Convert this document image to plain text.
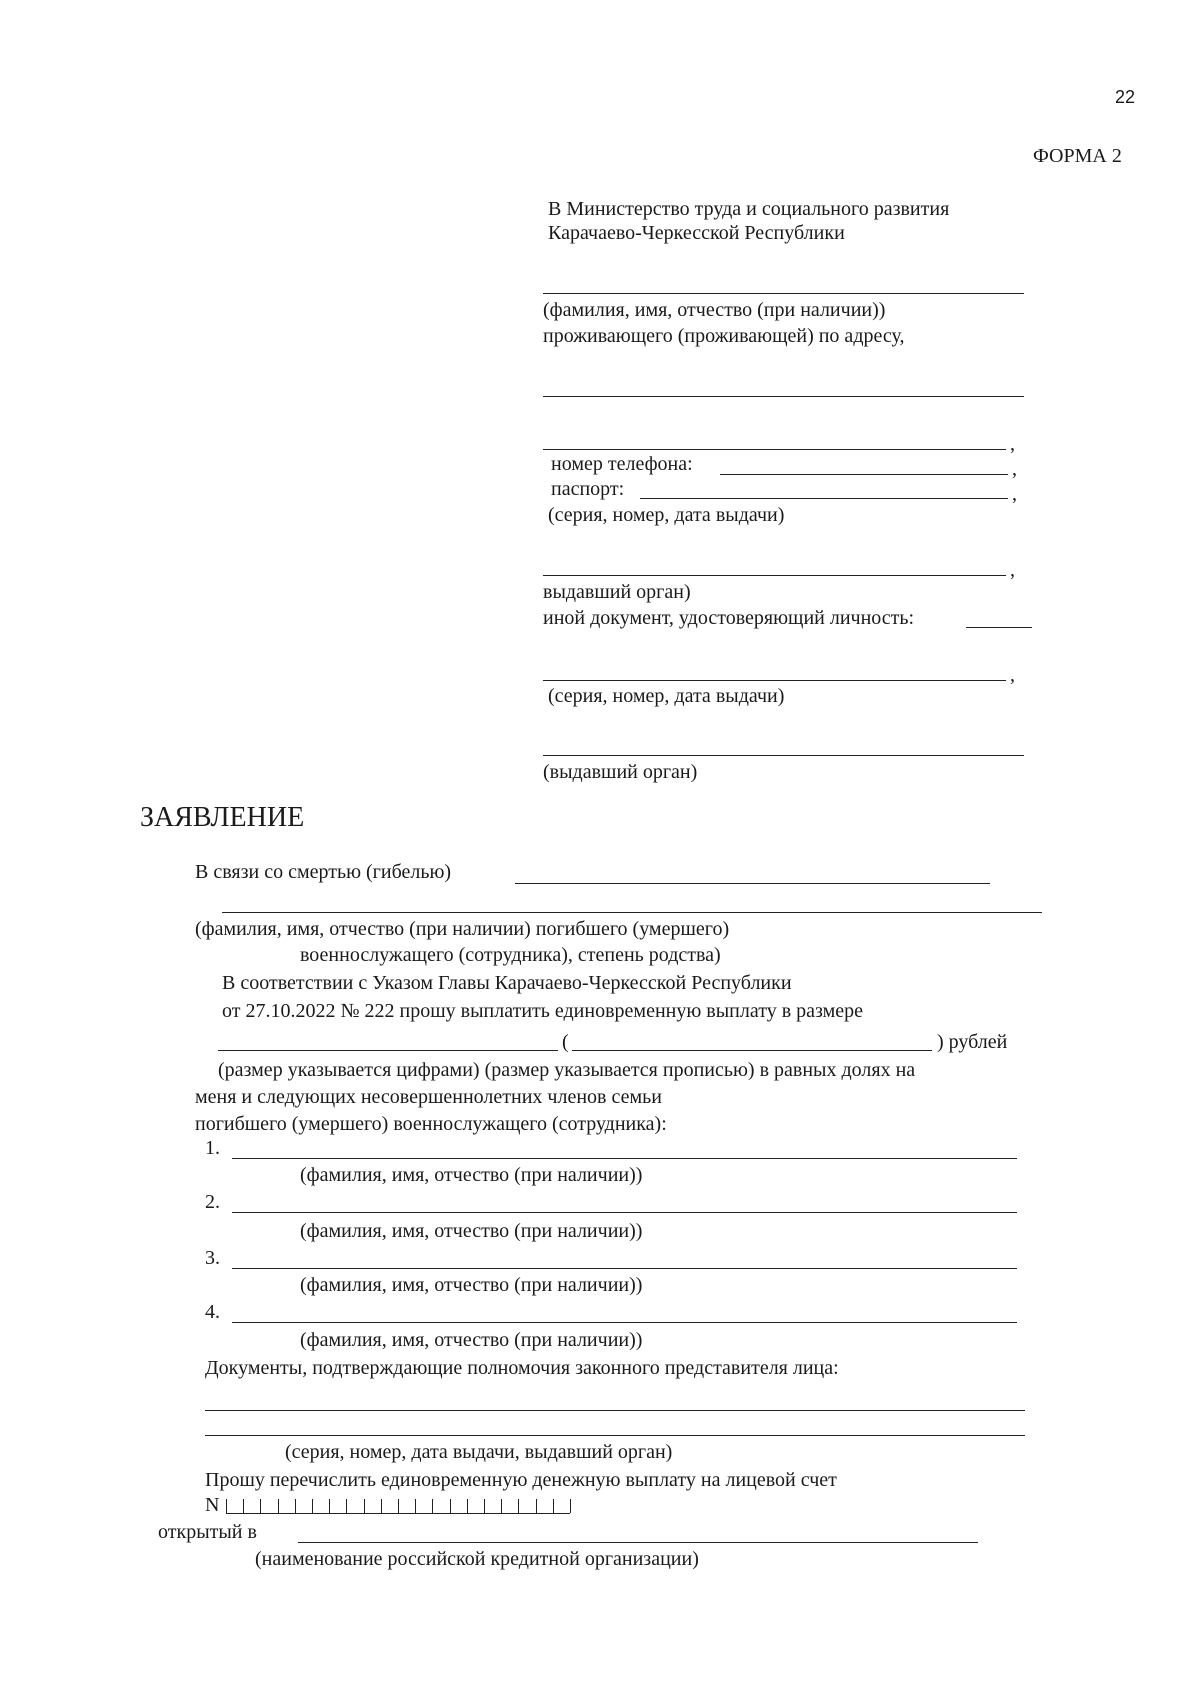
22
ФОРМА 2
В Министерство труда и социального развития
Карачаево-Черкесской Республики
(фамилия, имя, отчество (при наличии))
проживающего (проживающей) по адресу,
,
номер телефона:	,
паспорт:	,
(серия, номер, дата выдачи)
,
выдавший орган)
иной документ, удостоверяющий личность:
,
(серия, номер, дата выдачи)
(выдавший орган)
ЗАЯВЛЕНИЕ
В связи со смертью (гибелью)
(фамилия, имя, отчество (при наличии) погибшего (умершего)
военнослужащего (сотрудника), степень родства)
В соответствии с Указом Главы Карачаево-Черкесской Республики
от 27.10.2022 № 222 прошу выплатить единовременную выплату в размере
(	) рублей
(размер указывается цифрами) (размер указывается прописью) в равных долях на
меня и следующих несовершеннолетних членов семьи
погибшего (умершего) военнослужащего (сотрудника):
1.
(фамилия, имя, отчество (при наличии))
2.
(фамилия, имя, отчество (при наличии))
3.
(фамилия, имя, отчество (при наличии))
4.
(фамилия, имя, отчество (при наличии))
Документы, подтверждающие полномочия законного представителя лица:
(серия, номер, дата выдачи, выдавший орган)
Прошу перечислить единовременную денежную выплату на лицевой счет
N
открытый в
(наименование российской кредитной организации)
